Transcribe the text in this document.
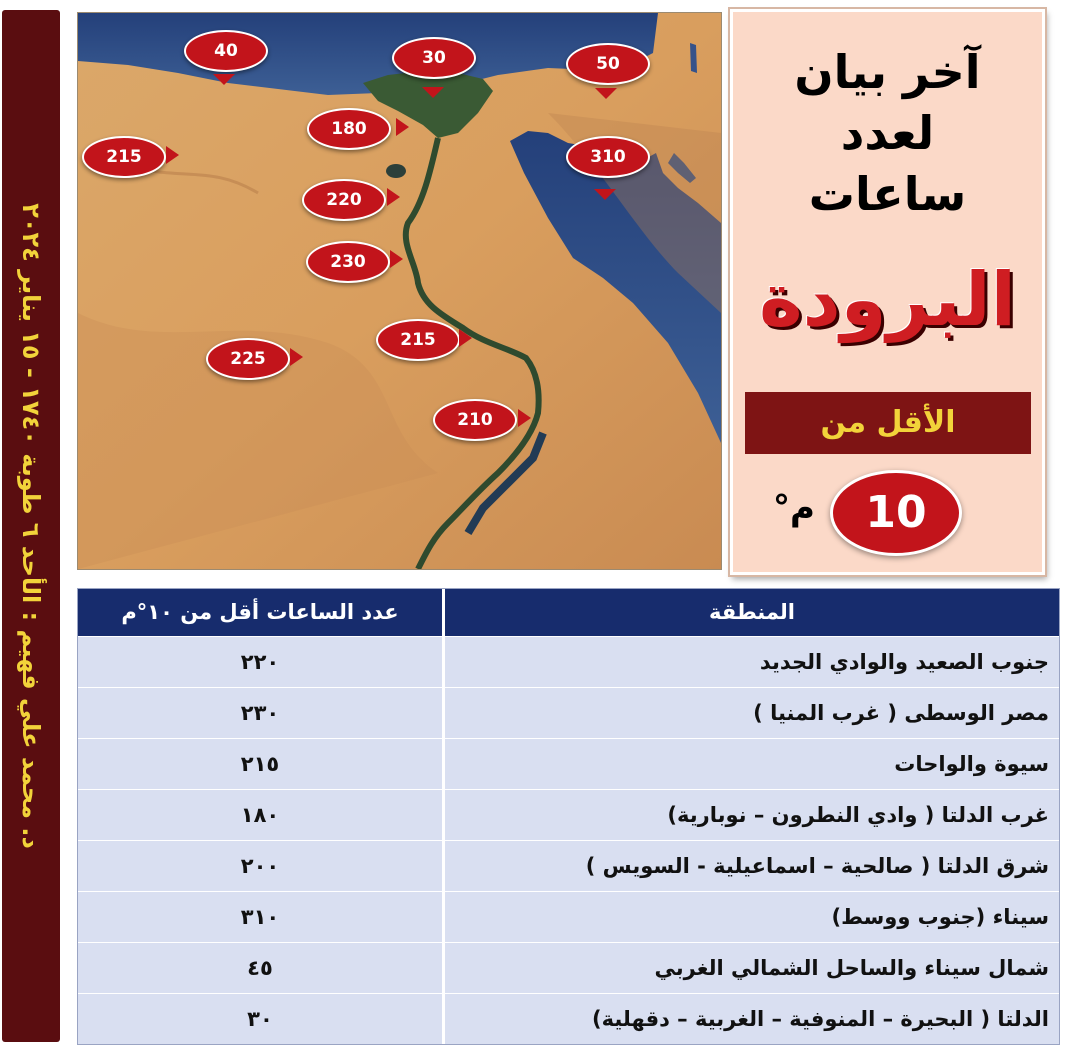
د. محمد علي فهيم : الأحد ٦ طوبة ١٧٤٠ - ١٥ يناير ٢٠٢٤
40	30	50
215
180
310
220
230
215
225
210
آخر بيان
لعدد
ساعات
البرودة
الأقل من
10
°م
عدد الساعات أقل من ١٠°م	المنطقة
٢٢٠	جنوب الصعيد والوادي الجديد
٢٣٠	مصر الوسطى ( غرب المنيا )
٢١٥	سيوة والواحات
١٨٠	غرب الدلتا ( وادي النطرون – نوبارية)
٢٠٠	شرق الدلتا ( صالحية – اسماعيلية - السويس )
٣١٠	سيناء (جنوب ووسط)
٤٥	شمال سيناء والساحل الشمالي الغربي
٣٠	الدلتا ( البحيرة – المنوفية – الغربية – دقهلية)
